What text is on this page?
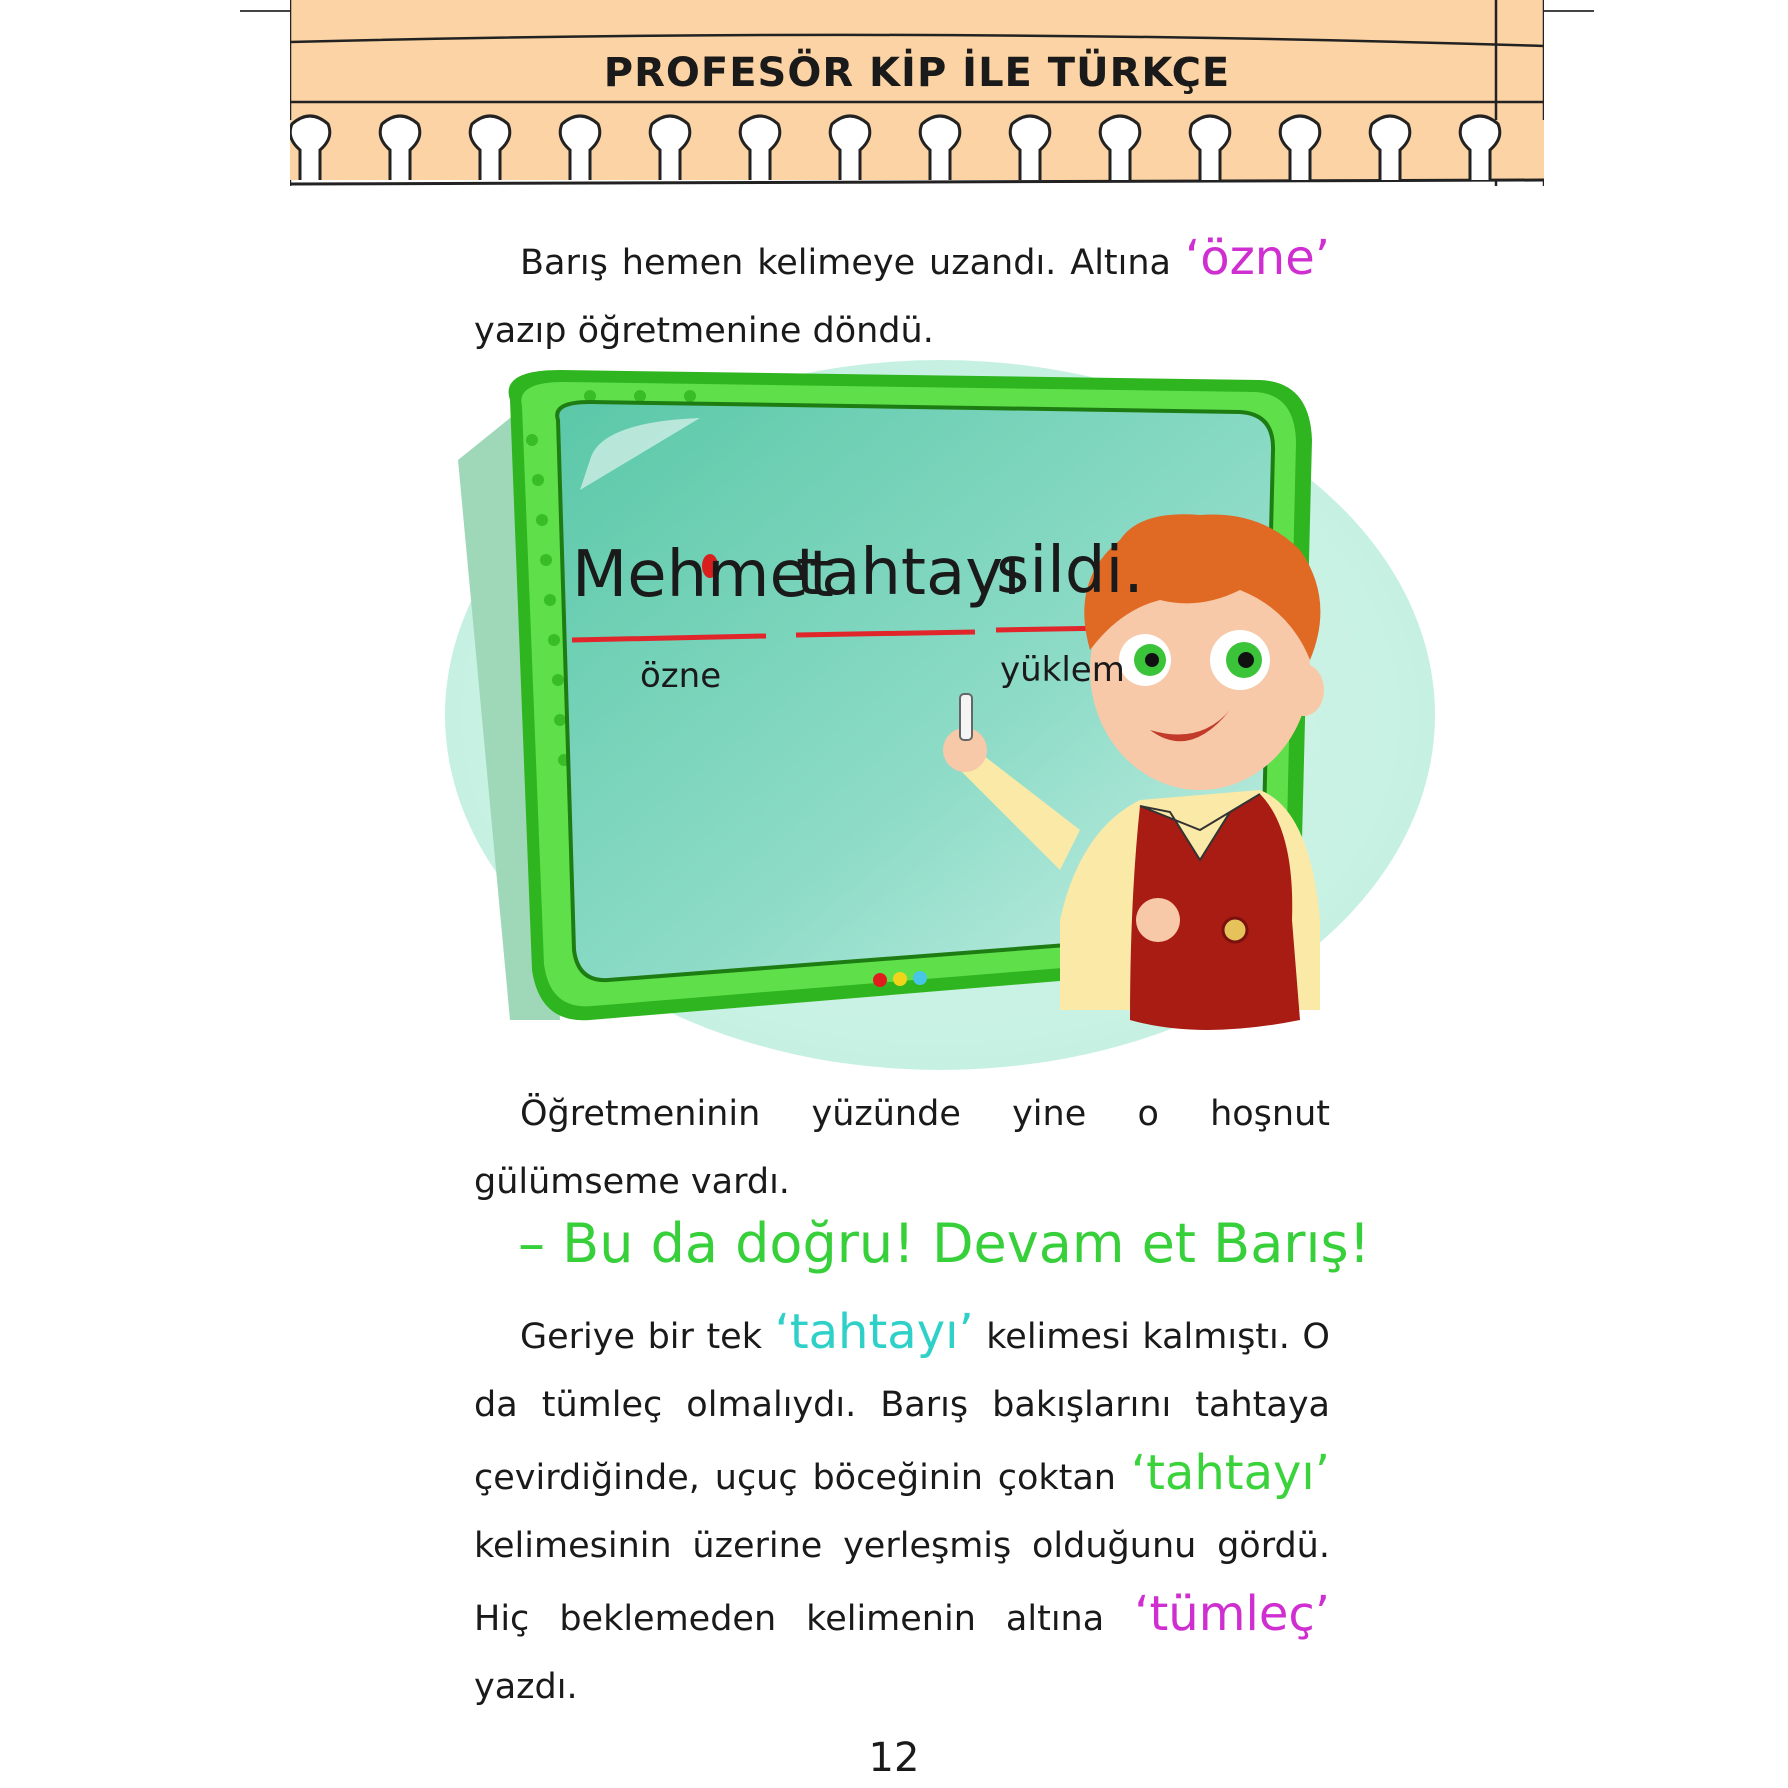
PROFESÖR KİP İLE TÜRKÇE

Barış hemen kelimeye uzandı. Altına ‘özne’ yazıp öğretmenine döndü.

Mehmet
tahtayı
sildi.
özne	yüklem

Öğretmeninin yüzünde yine o hoşnut gülümseme vardı.

– Bu da doğru! Devam et Barış!

Geriye bir tek ‘tahtayı’ kelimesi kalmıştı. O da tümleç olmalıydı. Barış bakışlarını tahtaya çevirdiğinde, uçuç böceğinin çoktan ‘tahtayı’ kelimesinin üzerine yerleşmiş olduğunu gördü. Hiç beklemeden kelimenin altına ‘tümleç’ yazdı.

12
